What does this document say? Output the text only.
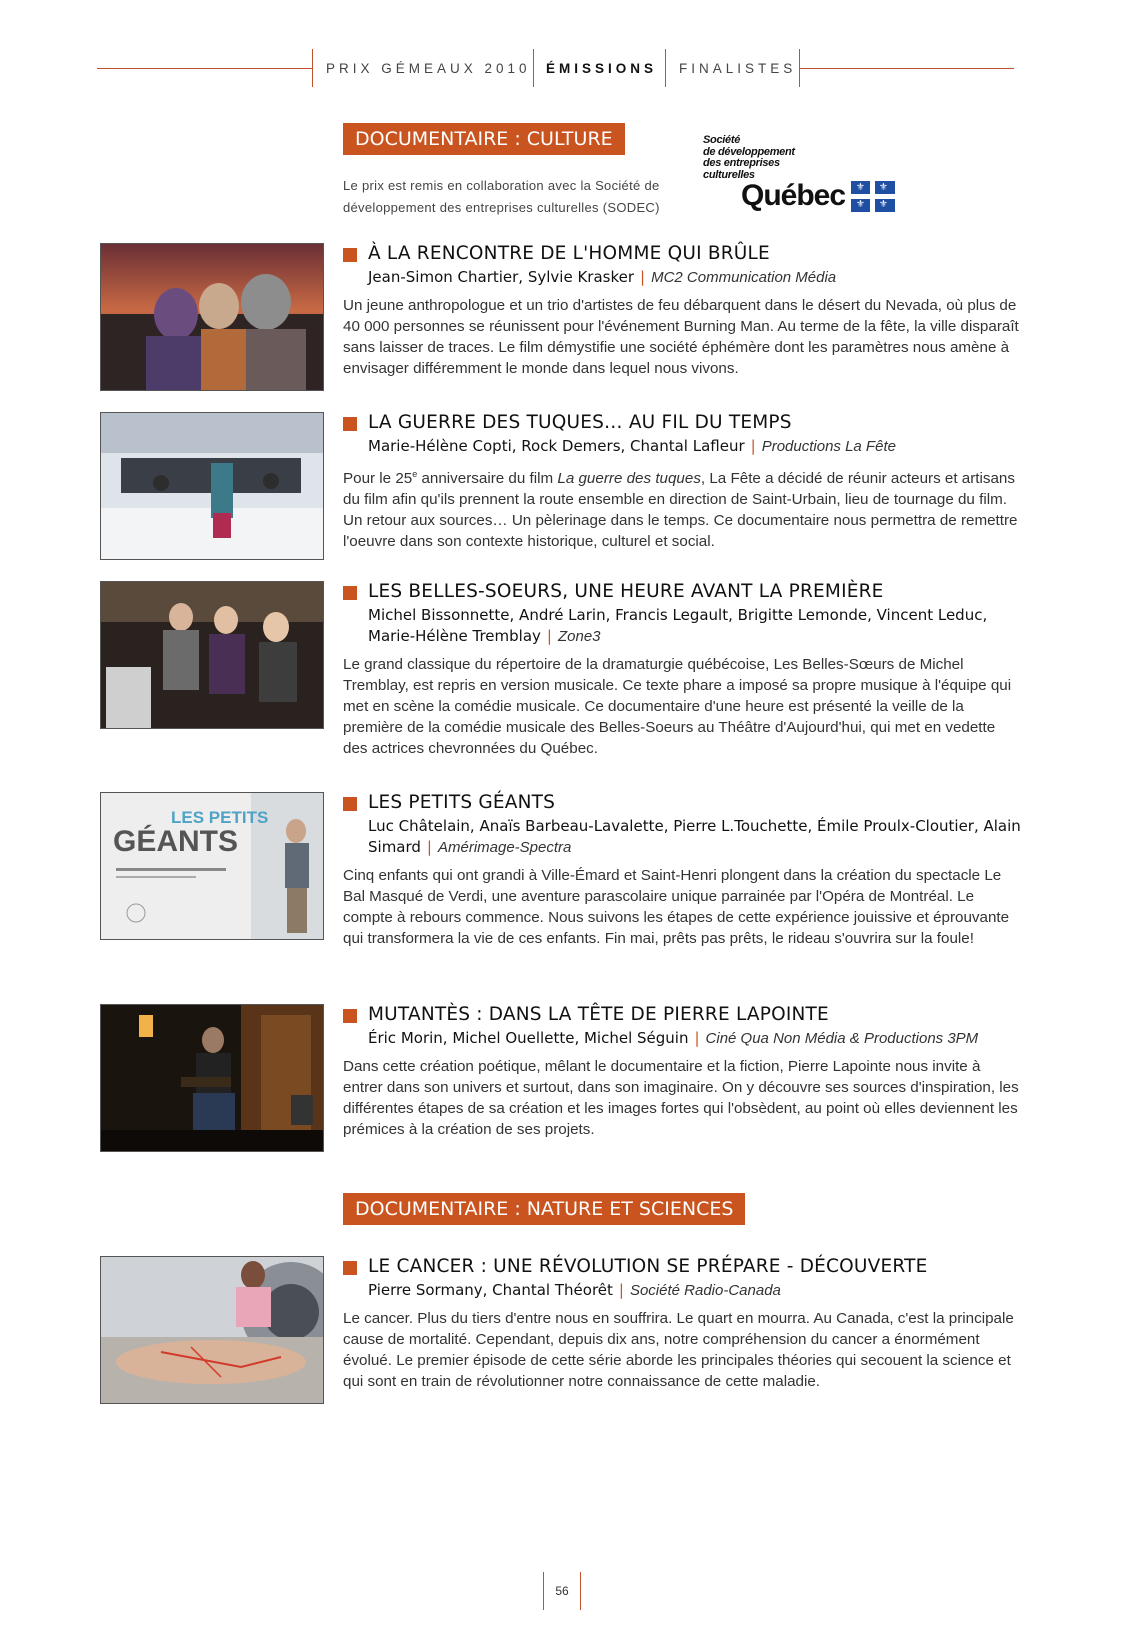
PRIX GÉMEAUX 2010 ÉMISSIONS FINALISTES
DOCUMENTAIRE : CULTURE
Le prix est remis en collaboration avec la Société de développement des entreprises culturelles (SODEC)
Société
de développement
des entreprises
culturelles
Québec ⚜ ⚜
⚜ ⚜
À LA RENCONTRE DE L'HOMME QUI BRÛLE
Jean-Simon Chartier, Sylvie Krasker | MC2 Communication Média
Un jeune anthropologue et un trio d'artistes de feu débarquent dans le désert du Nevada, où plus de 40 000 personnes se réunissent pour l'événement Burning Man. Au terme de la fête, la ville disparaît sans laisser de traces. Le film démystifie une société éphémère dont les paramètres nous amène à envisager différemment le monde dans lequel nous vivons.
LA GUERRE DES TUQUES… AU FIL DU TEMPS
Marie-Hélène Copti, Rock Demers, Chantal Lafleur | Productions La Fête
Pour le 25e anniversaire du film La guerre des tuques, La Fête a décidé de réunir acteurs et artisans du film afin qu'ils prennent la route ensemble en direction de Saint-Urbain, lieu de tournage du film. Un retour aux sources… Un pèlerinage dans le temps. Ce documentaire nous permettra de remettre l'oeuvre dans son contexte historique, culturel et social.
LES BELLES-SOEURS, UNE HEURE AVANT LA PREMIÈRE
Michel Bissonnette, André Larin, Francis Legault, Brigitte Lemonde, Vincent Leduc, Marie-Hélène Tremblay | Zone3
Le grand classique du répertoire de la dramaturgie québécoise, Les Belles-Sœurs de Michel Tremblay, est repris en version musicale. Ce texte phare a imposé sa propre musique à l'équipe qui met en scène la comédie musicale. Ce documentaire d'une heure est présenté la veille de la première de la comédie musicale des Belles-Soeurs au Théâtre d'Aujourd'hui, qui met en vedette des actrices chevronnées du Québec.
LES PETITS
GÉANTS
LES PETITS GÉANTS
Luc Châtelain, Anaïs Barbeau-Lavalette, Pierre L.Touchette, Émile Proulx-Cloutier, Alain Simard | Amérimage-Spectra
Cinq enfants qui ont grandi à Ville-Émard et Saint-Henri plongent dans la création du spectacle Le Bal Masqué de Verdi, une aventure parascolaire unique parrainée par l'Opéra de Montréal. Le compte à rebours commence. Nous suivons les étapes de cette expérience jouissive et éprouvante qui transformera la vie de ces enfants. Fin mai, prêts pas prêts, le rideau s'ouvrira sur la foule!
MUTANTÈS : DANS LA TÊTE DE PIERRE LAPOINTE
Éric Morin, Michel Ouellette, Michel Séguin | Ciné Qua Non Média & Productions 3PM
Dans cette création poétique, mêlant le documentaire et la fiction, Pierre Lapointe nous invite à entrer dans son univers et surtout, dans son imaginaire. On y découvre ses sources d'inspiration, les différentes étapes de sa création et les images fortes qui l'obsèdent, au point où elles deviennent les prémices à la création de ses projets.
DOCUMENTAIRE : NATURE ET SCIENCES
LE CANCER : UNE RÉVOLUTION SE PRÉPARE - DÉCOUVERTE
Pierre Sormany, Chantal Théorêt | Société Radio-Canada
Le cancer. Plus du tiers d'entre nous en souffrira. Le quart en mourra. Au Canada, c'est la principale cause de mortalité. Cependant, depuis dix ans, notre compréhension du cancer a énormément évolué. Le premier épisode de cette série aborde les principales théories qui secouent la science et qui sont en train de révolutionner notre connaissance de cette maladie.
56
